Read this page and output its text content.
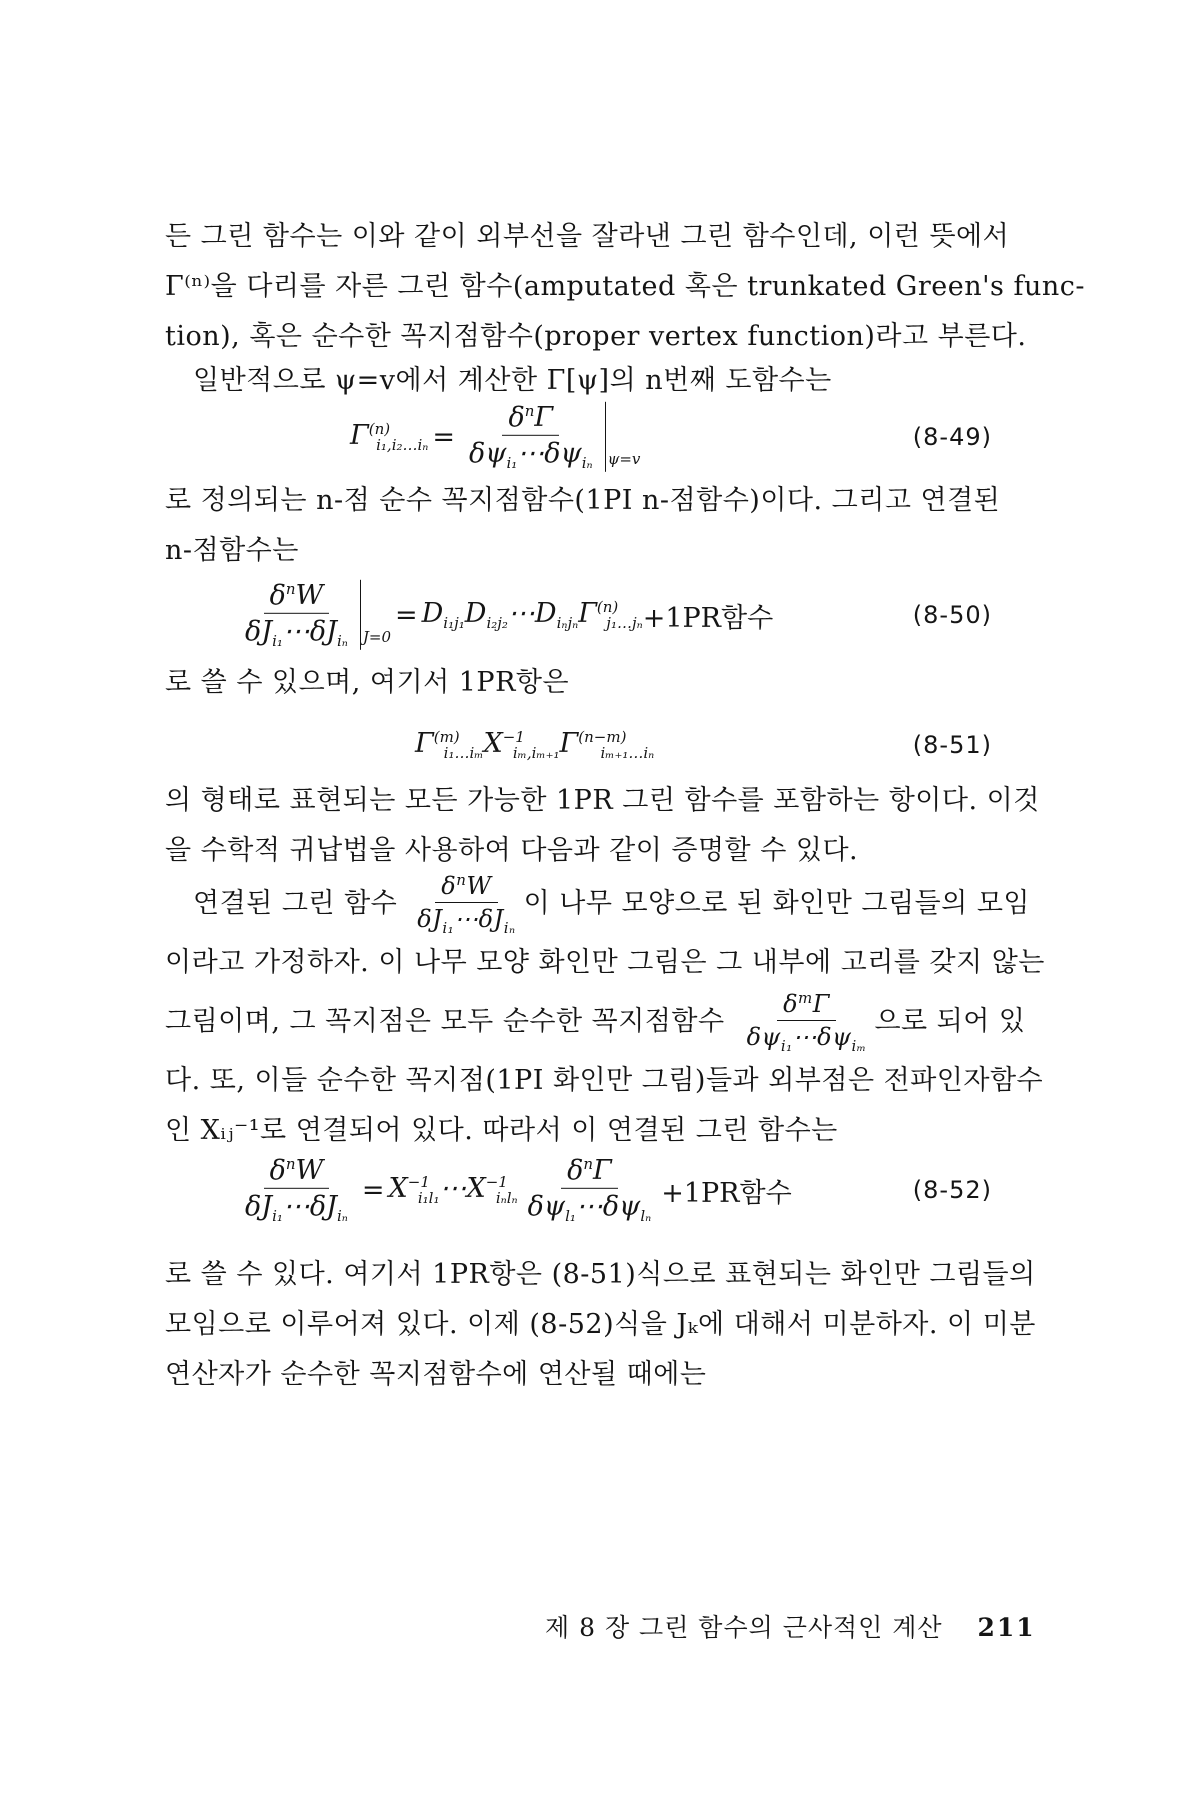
든 그린 함수는 이와 같이 외부선을 잘라낸 그린 함수인데, 이런 뜻에서
Γ⁽ⁿ⁾을 다리를 자른 그린 함수(amputated 혹은 trunkated Green's func-
tion), 혹은 순수한 꼭지점함수(proper vertex function)라고 부른다.
일반적으로 ψ=v에서 계산한 Γ[ψ]의 n번째 도함수는
$\Gamma^{(n)}_{i_1,i_2\dots i_n} = \frac{\delta^n\Gamma}{\delta\psi_{i_1}\cdots\delta\psi_{i_n}} \psi=v$
(8-49)
로 정의되는 n-점 순수 꼭지점함수(1PI n-점함수)이다. 그리고 연결된
n-점함수는
$\frac{\delta^nW}{\delta J_{i_1}\cdots\delta J_{i_n}} J=0$
= $D_{i_1j_1}D_{i_2j_2}\cdots D_{i_nj_n}\Gamma^{(n)}_{j_1\dots j_n} +1PR$함수	(8-50)
로 쓸 수 있으며, 여기서 1PR항은
$\Gamma^{(m)}_{i_1\dots i_m}X^{-1}_{i_m,i_{m+1}}\Gamma^{(n-m)}_{i_{m+1}\dots i_n}$	(8-51)
의 형태로 표현되는 모든 가능한 1PR 그린 함수를 포함하는 항이다. 이것
을 수학적 귀납법을 사용하여 다음과 같이 증명할 수 있다.
연결된 그린 함수 $\frac{\delta^nW}{\delta J_{i_1}\cdots\delta J_{i_n}}$ 이 나무 모양으로 된 화인만 그림들의 모임
이라고 가정하자. 이 나무 모양 화인만 그림은 그 내부에 고리를 갖지 않는
그림이며, 그 꼭지점은 모두 순수한 꼭지점함수 $\frac{\delta^m\Gamma}{\delta\psi_{i_1}\cdots\delta\psi_{i_m}}$ 으로 되어 있
다. 또, 이들 순수한 꼭지점(1PI 화인만 그림)들과 외부점은 전파인자함수
인 Xᵢⱼ⁻¹로 연결되어 있다. 따라서 이 연결된 그린 함수는
$\frac{\delta^nW}{\delta J_{i_1}\cdots\delta J_{i_n}}$ = $X^{-1}_{i_1l_1}\cdots X^{-1}_{i_nl_n} \frac{\delta^n\Gamma}{\delta\psi_{l_1}\cdots\delta\psi_{l_n}} +1PR$함수	(8-52)
로 쓸 수 있다. 여기서 1PR항은 (8-51)식으로 표현되는 화인만 그림들의
모임으로 이루어져 있다. 이제 (8-52)식을 Jₖ에 대해서 미분하자. 이 미분
연산자가 순수한 꼭지점함수에 연산될 때에는
제 8 장 그린 함수의 근사적인 계산 211
